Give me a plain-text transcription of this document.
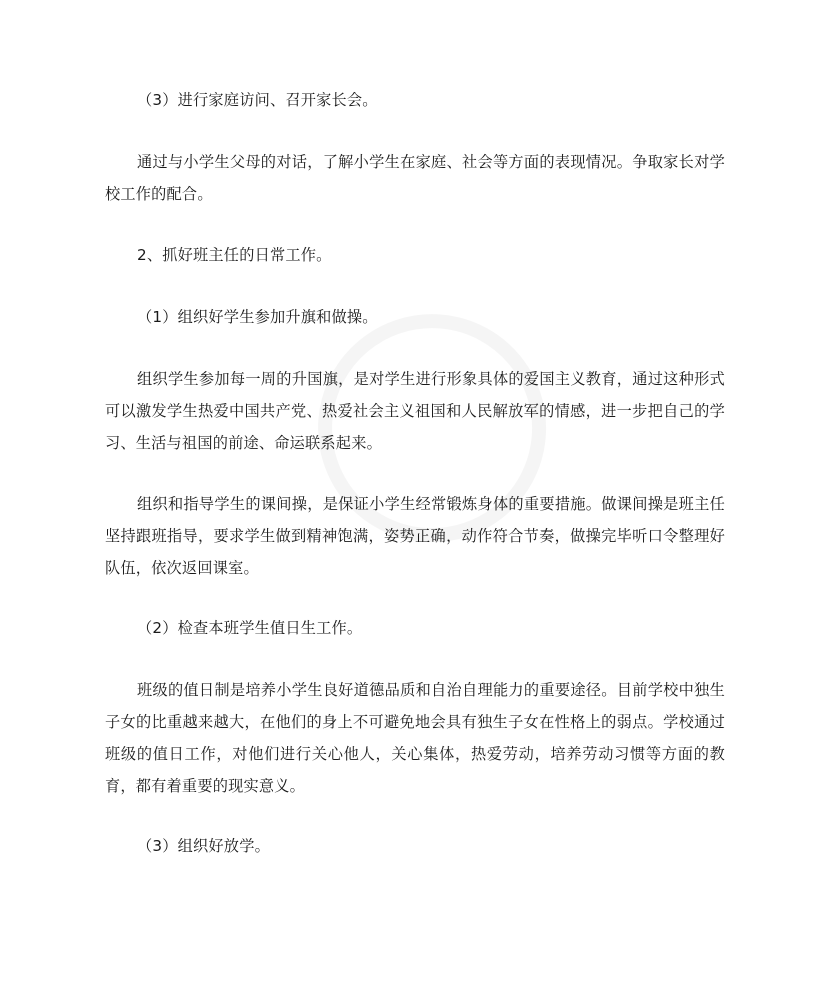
（3）进行家庭访问、召开家长会。

通过与小学生父母的对话，了解小学生在家庭、社会等方面的表现情况。争取家长对学校工作的配合。

2、抓好班主任的日常工作。

（1）组织好学生参加升旗和做操。

组织学生参加每一周的升国旗，是对学生进行形象具体的爱国主义教育，通过这种形式可以激发学生热爱中国共产党、热爱社会主义祖国和人民解放军的情感，进一步把自己的学习、生活与祖国的前途、命运联系起来。

组织和指导学生的课间操，是保证小学生经常锻炼身体的重要措施。做课间操是班主任坚持跟班指导，要求学生做到精神饱满，姿势正确，动作符合节奏，做操完毕听口令整理好队伍，依次返回课室。

（2）检查本班学生值日生工作。

班级的值日制是培养小学生良好道德品质和自治自理能力的重要途径。目前学校中独生子女的比重越来越大，在他们的身上不可避免地会具有独生子女在性格上的弱点。学校通过班级的值日工作，对他们进行关心他人，关心集体，热爱劳动，培养劳动习惯等方面的教育，都有着重要的现实意义。

（3）组织好放学。
